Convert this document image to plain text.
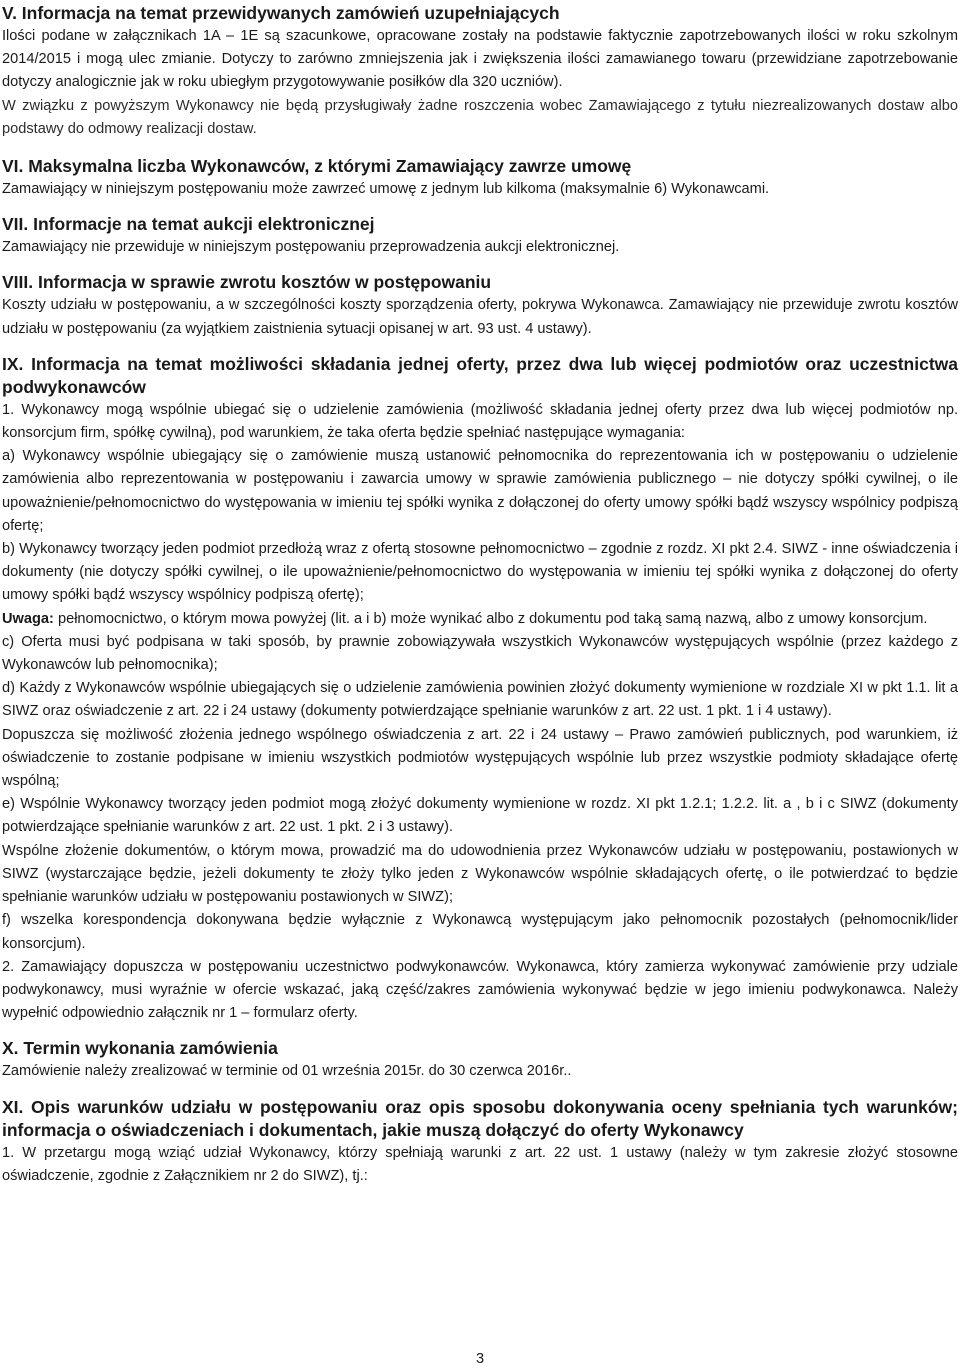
V. Informacja na temat przewidywanych zamówień uzupełniających

Ilości podane w załącznikach 1A – 1E są szacunkowe, opracowane zostały na podstawie faktycznie zapotrzebowanych ilości w roku szkolnym 2014/2015 i mogą ulec zmianie. Dotyczy to zarówno zmniejszenia jak i zwiększenia ilości zamawianego towaru (przewidziane zapotrzebowanie dotyczy analogicznie jak w roku ubiegłym przygotowywanie posiłków dla 320 uczniów).

W związku z powyższym Wykonawcy nie będą przysługiwały żadne roszczenia wobec Zamawiającego z tytułu niezrealizowanych dostaw albo podstawy do odmowy realizacji dostaw.

VI. Maksymalna liczba Wykonawców, z którymi Zamawiający zawrze umowę

Zamawiający w niniejszym postępowaniu może zawrzeć umowę z jednym lub kilkoma (maksymalnie 6) Wykonawcami.

VII. Informacje na temat aukcji elektronicznej

Zamawiający nie przewiduje w niniejszym postępowaniu przeprowadzenia aukcji elektronicznej.

VIII. Informacja w sprawie zwrotu kosztów w postępowaniu

Koszty udziału w postępowaniu, a w szczególności koszty sporządzenia oferty, pokrywa Wykonawca. Zamawiający nie przewiduje zwrotu kosztów udziału w postępowaniu (za wyjątkiem zaistnienia sytuacji opisanej w art. 93 ust. 4 ustawy).

IX. Informacja na temat możliwości składania jednej oferty, przez dwa lub więcej podmiotów oraz uczestnictwa podwykonawców

1. Wykonawcy mogą wspólnie ubiegać się o udzielenie zamówienia (możliwość składania jednej oferty przez dwa lub więcej podmiotów np. konsorcjum firm, spółkę cywilną), pod warunkiem, że taka oferta będzie spełniać następujące wymagania:

a) Wykonawcy wspólnie ubiegający się o zamówienie muszą ustanowić pełnomocnika do reprezentowania ich w postępowaniu o udzielenie zamówienia albo reprezentowania w postępowaniu i zawarcia umowy w sprawie zamówienia publicznego – nie dotyczy spółki cywilnej, o ile upoważnienie/pełnomocnictwo do występowania w imieniu tej spółki wynika z dołączonej do oferty umowy spółki bądź wszyscy wspólnicy podpiszą ofertę;

b) Wykonawcy tworzący jeden podmiot przedłożą wraz z ofertą stosowne pełnomocnictwo – zgodnie z rozdz. XI pkt 2.4. SIWZ - inne oświadczenia i dokumenty (nie dotyczy spółki cywilnej, o ile upoważnienie/pełnomocnictwo do występowania w imieniu tej spółki wynika z dołączonej do oferty umowy spółki bądź wszyscy wspólnicy podpiszą ofertę);

Uwaga: pełnomocnictwo, o którym mowa powyżej (lit. a i b) może wynikać albo z dokumentu pod taką samą nazwą, albo z umowy konsorcjum.

c) Oferta musi być podpisana w taki sposób, by prawnie zobowiązywała wszystkich Wykonawców występujących wspólnie (przez każdego z Wykonawców lub pełnomocnika);

d) Każdy z Wykonawców wspólnie ubiegających się o udzielenie zamówienia powinien złożyć dokumenty wymienione w rozdziale XI w pkt 1.1. lit a SIWZ oraz oświadczenie z art. 22 i 24 ustawy (dokumenty potwierdzające spełnianie warunków z art. 22 ust. 1 pkt. 1 i 4 ustawy).

Dopuszcza się możliwość złożenia jednego wspólnego oświadczenia z art. 22 i 24 ustawy – Prawo zamówień publicznych, pod warunkiem, iż oświadczenie to zostanie podpisane w imieniu wszystkich podmiotów występujących wspólnie lub przez wszystkie podmioty składające ofertę wspólną;

e) Wspólnie Wykonawcy tworzący jeden podmiot mogą złożyć dokumenty wymienione w rozdz. XI pkt 1.2.1; 1.2.2. lit. a , b i c SIWZ (dokumenty potwierdzające spełnianie warunków z art. 22 ust. 1 pkt. 2 i 3 ustawy).

Wspólne złożenie dokumentów, o którym mowa, prowadzić ma do udowodnienia przez Wykonawców udziału w postępowaniu, postawionych w SIWZ (wystarczające będzie, jeżeli dokumenty te złoży tylko jeden z Wykonawców wspólnie składających ofertę, o ile potwierdzać to będzie spełnianie warunków udziału w postępowaniu postawionych w SIWZ);

f) wszelka korespondencja dokonywana będzie wyłącznie z Wykonawcą występującym jako pełnomocnik pozostałych (pełnomocnik/lider konsorcjum).

2. Zamawiający dopuszcza w postępowaniu uczestnictwo podwykonawców. Wykonawca, który zamierza wykonywać zamówienie przy udziale podwykonawcy, musi wyraźnie w ofercie wskazać, jaką część/zakres zamówienia wykonywać będzie w jego imieniu podwykonawca. Należy wypełnić odpowiednio załącznik nr 1 – formularz oferty.

X. Termin wykonania zamówienia

Zamówienie należy zrealizować w terminie od 01 września 2015r. do 30 czerwca 2016r..

XI. Opis warunków udziału w postępowaniu oraz opis sposobu dokonywania oceny spełniania tych warunków; informacja o oświadczeniach i dokumentach, jakie muszą dołączyć do oferty Wykonawcy

1. W przetargu mogą wziąć udział Wykonawcy, którzy spełniają warunki z art. 22 ust. 1 ustawy (należy w tym zakresie złożyć stosowne oświadczenie, zgodnie z Załącznikiem nr 2 do SIWZ), tj.:

3
